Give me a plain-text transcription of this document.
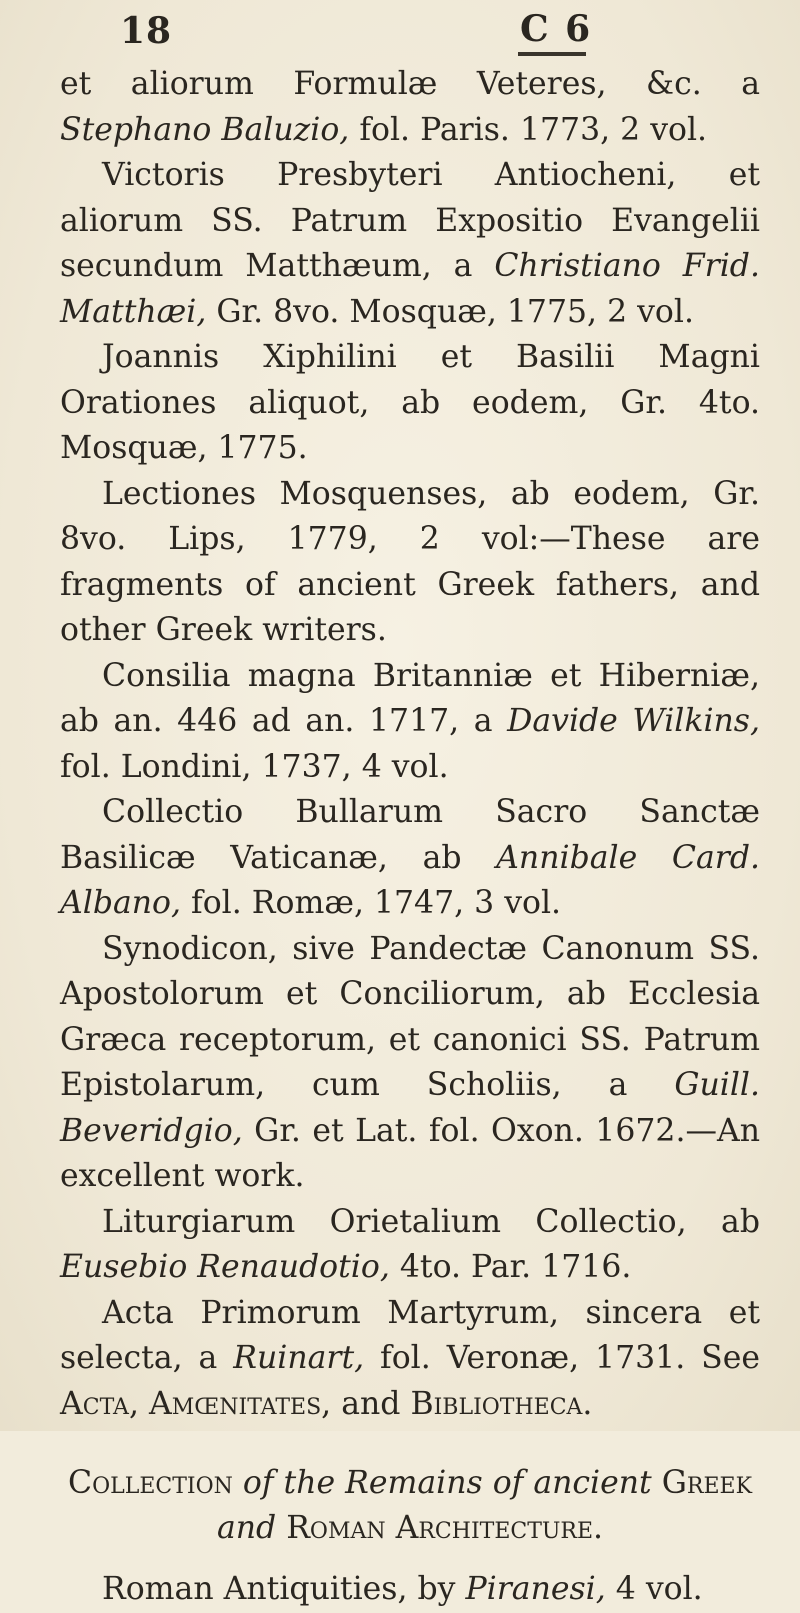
18	C 6

et aliorum Formulæ Veteres, &c. a Stephano Baluzio, fol. Paris. 1773, 2 vol.

Victoris Presbyteri Antiocheni, et aliorum SS. Patrum Expositio Evangelii secundum Matthæum, a Christiano Frid. Matthæi, Gr. 8vo. Mosquæ, 1775, 2 vol.

Joannis Xiphilini et Basilii Magni Orationes aliquot, ab eodem, Gr. 4to. Mosquæ, 1775.

Lectiones Mosquenses, ab eodem, Gr. 8vo. Lips, 1779, 2 vol:—These are fragments of ancient Greek fathers, and other Greek writers.

Consilia magna Britanniæ et Hiberniæ, ab an. 446 ad an. 1717, a Davide Wilkins, fol. Londini, 1737, 4 vol.

Collectio Bullarum Sacro Sanctæ Basilicæ Vaticanæ, ab Annibale Card. Albano, fol. Romæ, 1747, 3 vol.

Synodicon, sive Pandectæ Canonum SS. Apostolorum et Conciliorum, ab Ecclesia Græca receptorum, et canonici SS. Patrum Epistolarum, cum Scholiis, a Guill. Beveridgio, Gr. et Lat. fol. Oxon. 1672.—An excellent work.

Liturgiarum Orietalium Collectio, ab Eusebio Renaudotio, 4to. Par. 1716.

Acta Primorum Martyrum, sincera et selecta, a Ruinart, fol. Veronæ, 1731. See Acta, Amœnitates, and Bibliotheca.

Collection of the Remains of ancient Greek
and Roman Architecture.

Roman Antiquities, by Piranesi, 4 vol.
